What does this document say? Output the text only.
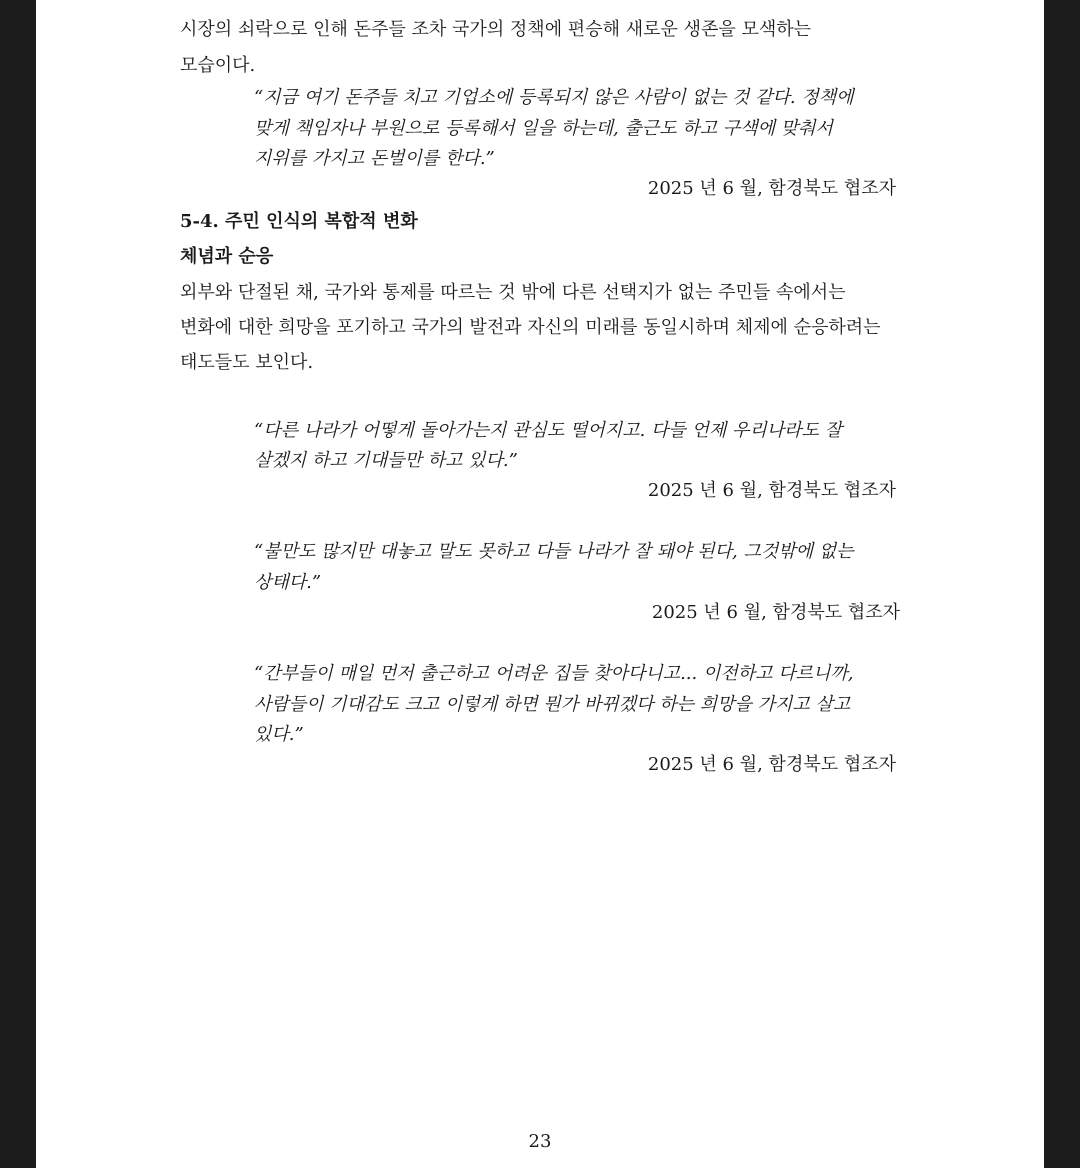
시장의 쇠락으로 인해 돈주들 조차 국가의 정책에 편승해 새로운 생존을 모색하는
모습이다.
“지금 여기 돈주들 치고 기업소에 등록되지 않은 사람이 없는 것 같다. 정책에
맞게 책임자나 부원으로 등록해서 일을 하는데, 출근도 하고 구색에 맞춰서
지위를 가지고 돈벌이를 한다.”
2025 년 6 월, 함경북도 협조자
5-4. 주민 인식의 복합적 변화
체념과 순응
외부와 단절된 채, 국가와 통제를 따르는 것 밖에 다른 선택지가 없는 주민들 속에서는
변화에 대한 희망을 포기하고 국가의 발전과 자신의 미래를 동일시하며 체제에 순응하려는
태도들도 보인다.
“다른 나라가 어떻게 돌아가는지 관심도 떨어지고. 다들 언제 우리나라도 잘
살겠지 하고 기대들만 하고 있다.”
2025 년 6 월, 함경북도 협조자
“불만도 많지만 대놓고 말도 못하고 다들 나라가 잘 돼야 된다, 그것밖에 없는
상태다.”
2025 년 6 월, 함경북도 협조자
“간부들이 매일 먼저 출근하고 어려운 집들 찾아다니고... 이전하고 다르니까,
사람들이 기대감도 크고 이렇게 하면 뭔가 바뀌겠다 하는 희망을 가지고 살고
있다.”
2025 년 6 월, 함경북도 협조자
23
